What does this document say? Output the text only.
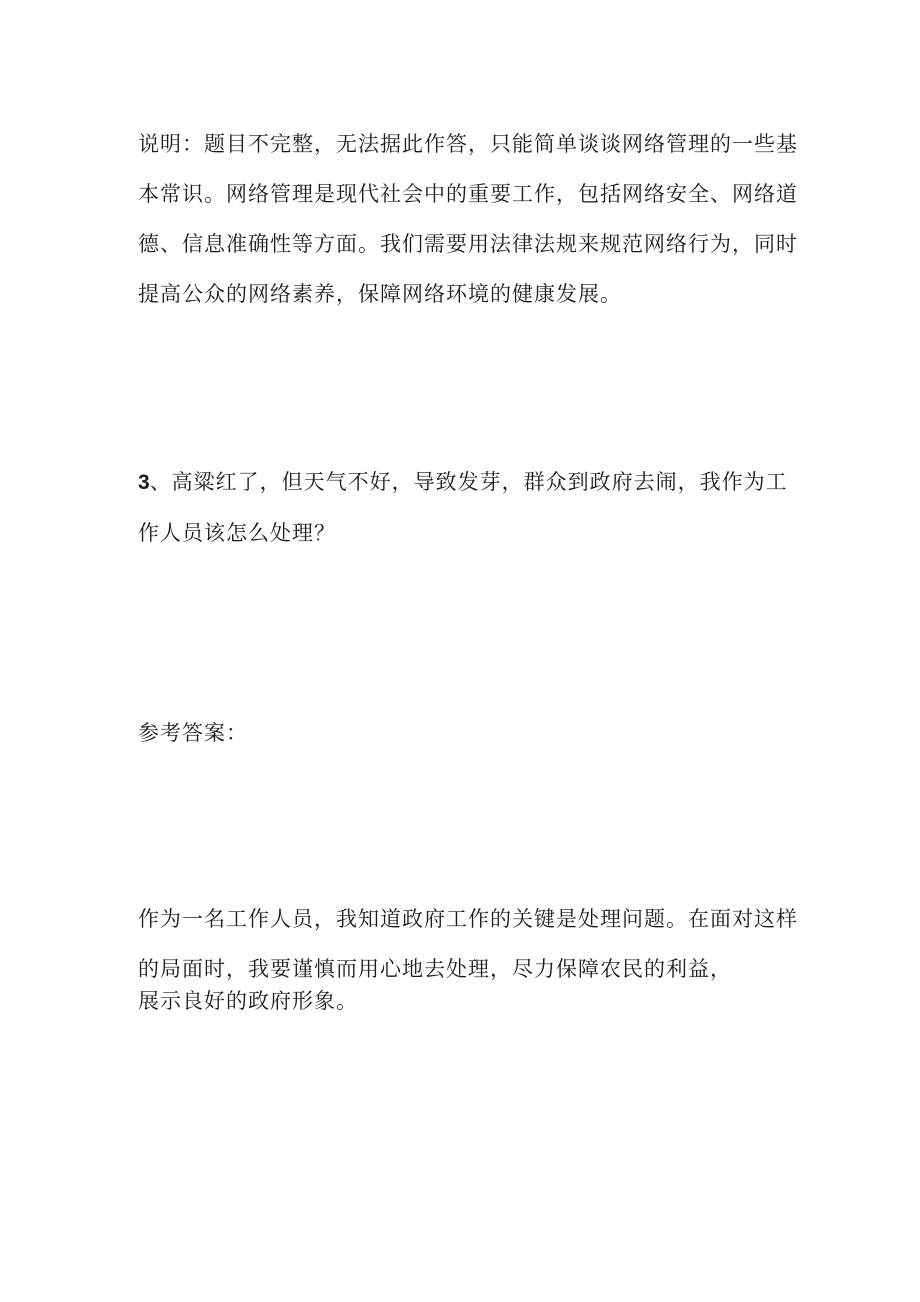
说明：题目不完整，无法据此作答，只能简单谈谈网络管理的一些基
本常识。网络管理是现代社会中的重要工作，包括网络安全、网络道
德、信息准确性等方面。我们需要用法律法规来规范网络行为，同时
提高公众的网络素养，保障网络环境的健康发展。
3、高粱红了，但天气不好，导致发芽，群众到政府去闹，我作为工
作人员该怎么处理？
参考答案：
作为一名工作人员，我知道政府工作的关键是处理问题。在面对这样
的局面时，我要谨慎而用心地去处理，尽力保障农民的利益，
展示良好的政府形象。
